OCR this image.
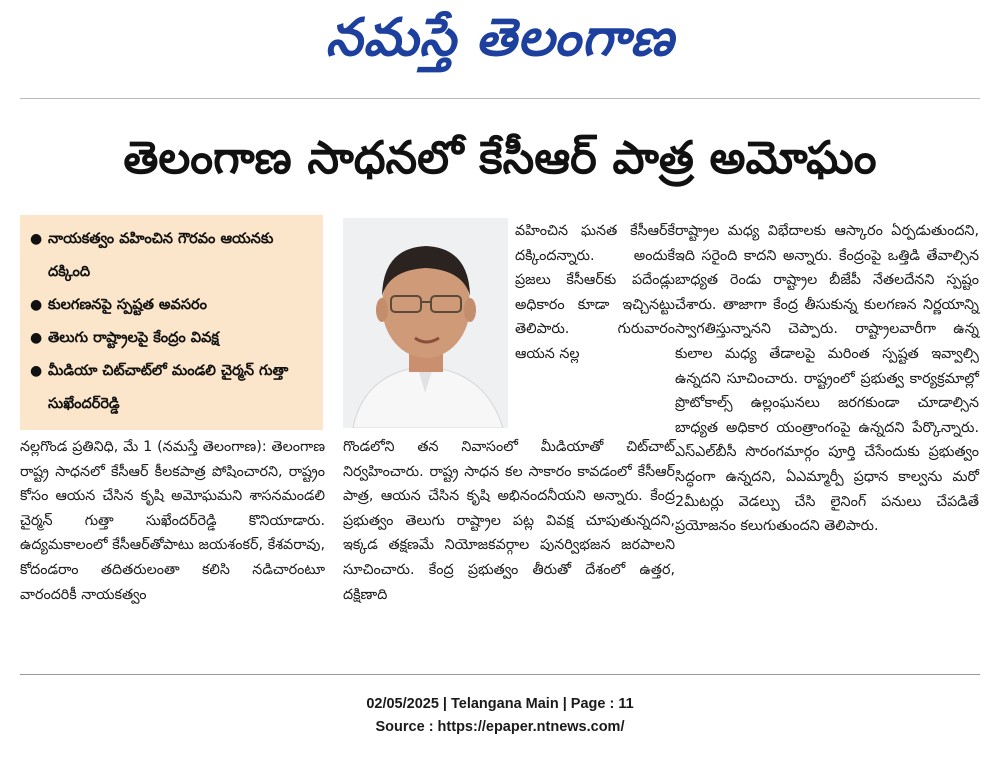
నమస్తే తెలంగాణ
తెలంగాణ సాధనలో కేసీఆర్ పాత్ర అమోఘం
● నాయకత్వం వహించిన గౌరవం ఆయనకు దక్కింది
● కులగణనపై స్పష్టత అవసరం
● తెలుగు రాష్ట్రాలపై కేంద్రం వివక్ష
● మీడియా చిట్‌చాట్‌లో మండలి చైర్మన్ గుత్తా సుఖేందర్‌రెడ్డి

వహించిన ఘనత కేసీఆర్‌కే దక్కిందన్నారు. అందుకే ప్రజలు కేసీఆర్‌కు పదేండ్లు అధికారం కూడా ఇచ్చినట్టు తెలిపారు. గురువారం ఆయన నల్ల

నల్లగొండ ప్రతినిధి, మే 1 (నమస్తే తెలంగాణ): తెలంగాణ రాష్ట్ర సాధనలో కేసీఆర్ కీలకపాత్ర పోషించారని, రాష్ట్రం కోసం ఆయన చేసిన కృషి అమోఘమని శాసనమండలి చైర్మన్ గుత్తా సుఖేందర్‌రెడ్డి కొనియాడారు. ఉద్యమకాలంలో కేసీఆర్‌తోపాటు జయశంకర్, కేశవరావు, కోదండరాం తదితరులంతా కలిసి నడిచారంటూ వారందరికీ నాయకత్వం

గొండలోని తన నివాసంలో మీడియాతో చిట్‌చాట్ నిర్వహించారు. రాష్ట్ర సాధన కల సాకారం కావడంలో కేసీఆర్ పాత్ర, ఆయన చేసిన కృషి అభినందనీయని అన్నారు. కేంద్ర ప్రభుత్వం తెలుగు రాష్ట్రాల పట్ల వివక్ష చూపుతున్నదని, ఇక్కడ తక్షణమే నియోజకవర్గాల పునర్విభజన జరపాలని సూచించారు. కేంద్ర ప్రభుత్వం తీరుతో దేశంలో ఉత్తర, దక్షిణాది

రాష్ట్రాల మధ్య విభేదాలకు ఆస్కారం ఏర్పడుతుందని, ఇది సరైంది కాదని అన్నారు. కేంద్రంపై ఒత్తిడి తేవాల్సిన బాధ్యత రెండు రాష్ట్రాల బీజేపీ నేతలదేనని స్పష్టం చేశారు. తాజాగా కేంద్ర తీసుకున్న కులగణన నిర్ణయాన్ని స్వాగతిస్తున్నానని చెప్పారు. రాష్ట్రాలవారీగా ఉన్న కులాల మధ్య తేడాలపై మరింత స్పష్టత ఇవ్వాల్సి ఉన్నదని సూచించారు. రాష్ట్రంలో ప్రభుత్వ కార్యక్రమాల్లో ప్రొటోకాల్స్ ఉల్లంఘనలు జరగకుండా చూడాల్సిన బాధ్యత అధికార యంత్రాంగంపై ఉన్నదని పేర్కొన్నారు. ఎస్‌ఎల్‌బీసీ సొరంగమార్గం పూర్తి చేసేందుకు ప్రభుత్వం సిద్ధంగా ఉన్నదని, ఏఎమ్మార్పీ ప్రధాన కాల్వను మరో 2మీటర్లు వెడల్పు చేసి లైనింగ్ పనులు చేపడితే ప్రయోజనం కలుగుతుందని తెలిపారు.

02/05/2025 | Telangana Main | Page : 11
Source : https://epaper.ntnews.com/
